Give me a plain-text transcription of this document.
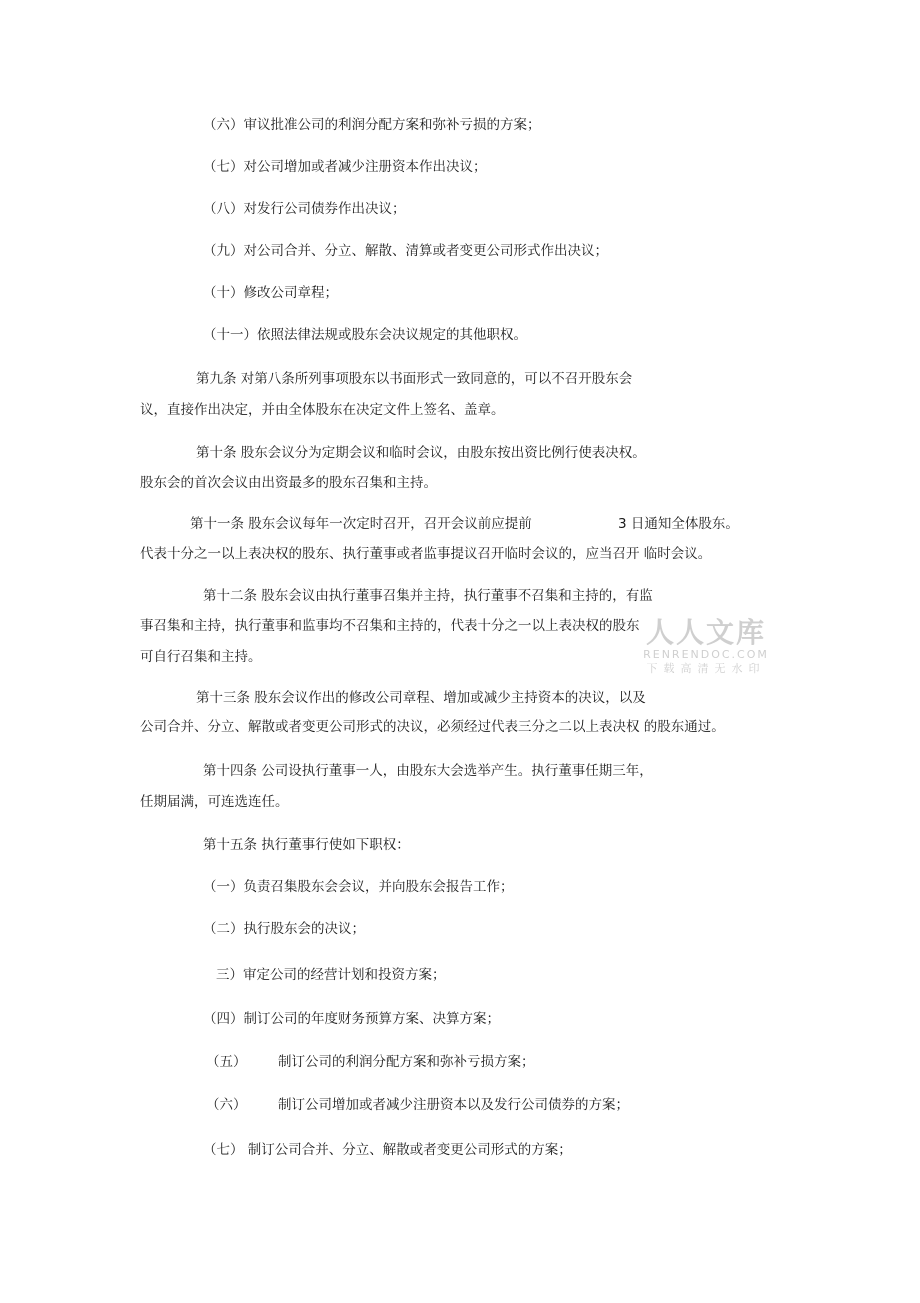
（六）审议批准公司的利润分配方案和弥补亏损的方案；
（七）对公司增加或者减少注册资本作出决议；
（八）对发行公司债券作出决议；
（九）对公司合并、分立、解散、清算或者变更公司形式作出决议；
（十）修改公司章程；
（十一）依照法律法规或股东会决议规定的其他职权。
第九条 对第八条所列事项股东以书面形式一致同意的，可以不召开股东会
议，直接作出决定，并由全体股东在决定文件上签名、盖章。
第十条 股东会议分为定期会议和临时会议，由股东按出资比例行使表决权。
股东会的首次会议由出资最多的股东召集和主持。
第十一条 股东会议每年一次定时召开，召开会议前应提前	3 日通知全体股东。
代表十分之一以上表决权的股东、执行董事或者监事提议召开临时会议的，应当召开 临时会议。
第十二条 股东会议由执行董事召集并主持，执行董事不召集和主持的，有监
事召集和主持，执行董事和监事均不召集和主持的，代表十分之一以上表决权的股东
可自行召集和主持。
第十三条 股东会议作出的修改公司章程、增加或减少主持资本的决议，以及
公司合并、分立、解散或者变更公司形式的决议，必须经过代表三分之二以上表决权 的股东通过。
第十四条 公司设执行董事一人，由股东大会选举产生。执行董事任期三年，
任期届满，可连选连任。
第十五条 执行董事行使如下职权：
（一）负责召集股东会会议，并向股东会报告工作；
（二）执行股东会的决议；
三）审定公司的经营计划和投资方案；
（四）制订公司的年度财务预算方案、决算方案；
（五） 制订公司的利润分配方案和弥补亏损方案；
（六） 制订公司增加或者减少注册资本以及发行公司债券的方案；
（七） 制订公司合并、分立、解散或者变更公司形式的方案；
人人文库
RENRENDOC.COM
下载高清无水印
